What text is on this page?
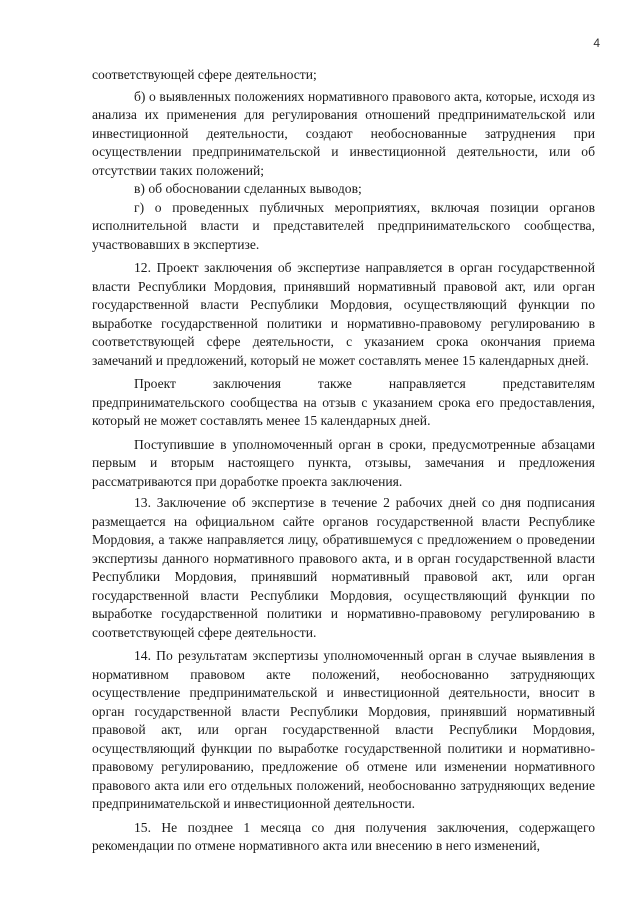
4

соответствующей сфере деятельности;

б) о выявленных положениях нормативного правового акта, которые, исходя из анализа их применения для регулирования отношений предпринимательской или инвестиционной деятельности, создают необоснованные затруднения при осуществлении предпринимательской и инвестиционной деятельности, или об отсутствии таких положений;

в) об обосновании сделанных выводов;

г) о проведенных публичных мероприятиях, включая позиции органов исполнительной власти и представителей предпринимательского сообщества, участвовавших в экспертизе.

12. Проект заключения об экспертизе направляется в орган государственной власти Республики Мордовия, принявший нормативный правовой акт, или орган государственной власти Республики Мордовия, осуществляющий функции по выработке государственной политики и нормативно-правовому регулированию в соответствующей сфере деятельности, с указанием срока окончания приема замечаний и предложений, который не может составлять менее 15 календарных дней.

Проект заключения также направляется представителям предпринимательского сообщества на отзыв с указанием срока его предоставления, который не может составлять менее 15 календарных дней.

Поступившие в уполномоченный орган в сроки, предусмотренные абзацами первым и вторым настоящего пункта, отзывы, замечания и предложения рассматриваются при доработке проекта заключения.

13. Заключение об экспертизе в течение 2 рабочих дней со дня подписания размещается на официальном сайте органов государственной власти Республике Мордовия, а также направляется лицу, обратившемуся с предложением о проведении экспертизы данного нормативного правового акта, и в орган государственной власти Республики Мордовия, принявший нормативный правовой акт, или орган государственной власти Республики Мордовия, осуществляющий функции по выработке государственной политики и нормативно-правовому регулированию в соответствующей сфере деятельности.

14. По результатам экспертизы уполномоченный орган в случае выявления в нормативном правовом акте положений, необоснованно затрудняющих осуществление предпринимательской и инвестиционной деятельности, вносит в орган государственной власти Республики Мордовия, принявший нормативный правовой акт, или орган государственной власти Республики Мордовия, осуществляющий функции по выработке государственной политики и нормативно-правовому регулированию, предложение об отмене или изменении нормативного правового акта или его отдельных положений, необоснованно затрудняющих ведение предпринимательской и инвестиционной деятельности.

15. Не позднее 1 месяца со дня получения заключения, содержащего рекомендации по отмене нормативного акта или внесению в него изменений,
